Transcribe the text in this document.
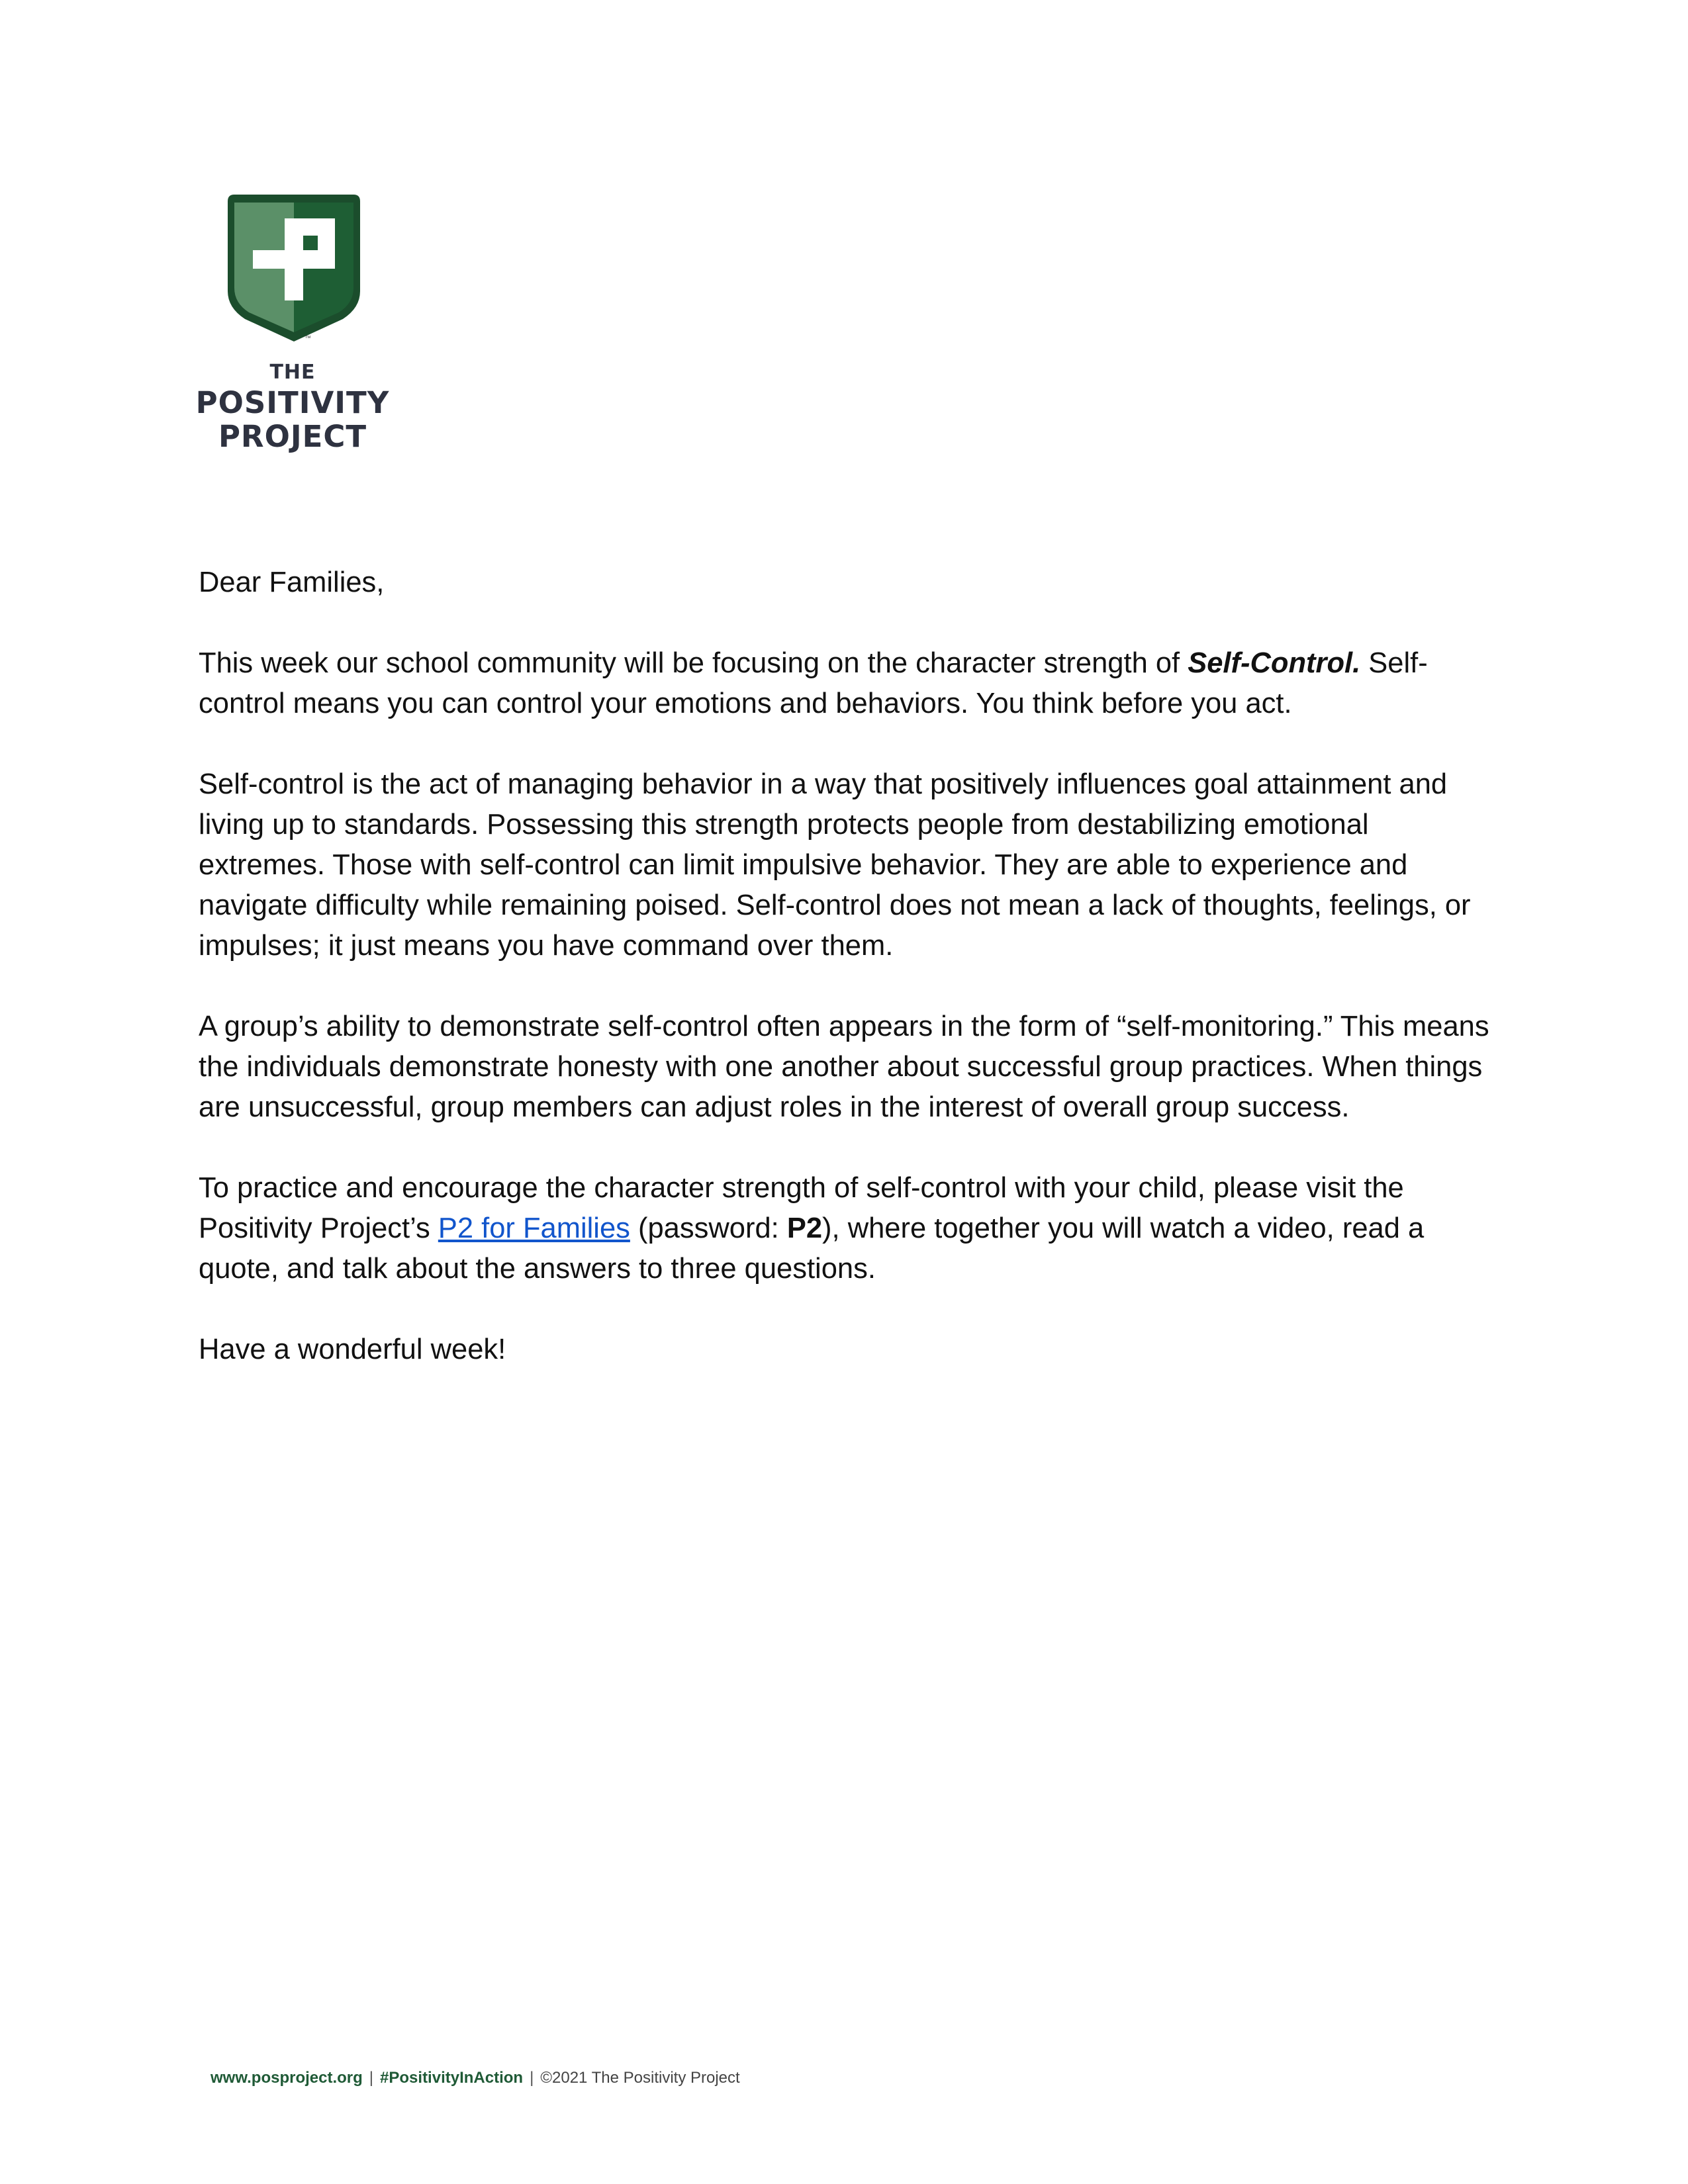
™
THE
POSITIVITY
PROJECT

Dear Families,

This week our school community will be focusing on the character strength of Self-Control. Self-control means you can control your emotions and behaviors. You think before you act.

Self-control is the act of managing behavior in a way that positively influences goal attainment and living up to standards. Possessing this strength protects people from destabilizing emotional extremes. Those with self-control can limit impulsive behavior. They are able to experience and navigate difficulty while remaining poised. Self-control does not mean a lack of thoughts, feelings, or impulses; it just means you have command over them.

A group’s ability to demonstrate self-control often appears in the form of “self-monitoring.” This means the individuals demonstrate honesty with one another about successful group practices. When things are unsuccessful, group members can adjust roles in the interest of overall group success.

To practice and encourage the character strength of self-control with your child, please visit the Positivity Project’s P2 for Families (password: P2), where together you will watch a video, read a quote, and talk about the answers to three questions.

Have a wonderful week!

www.posproject.org | #PositivityInAction | ©2021 The Positivity Project
